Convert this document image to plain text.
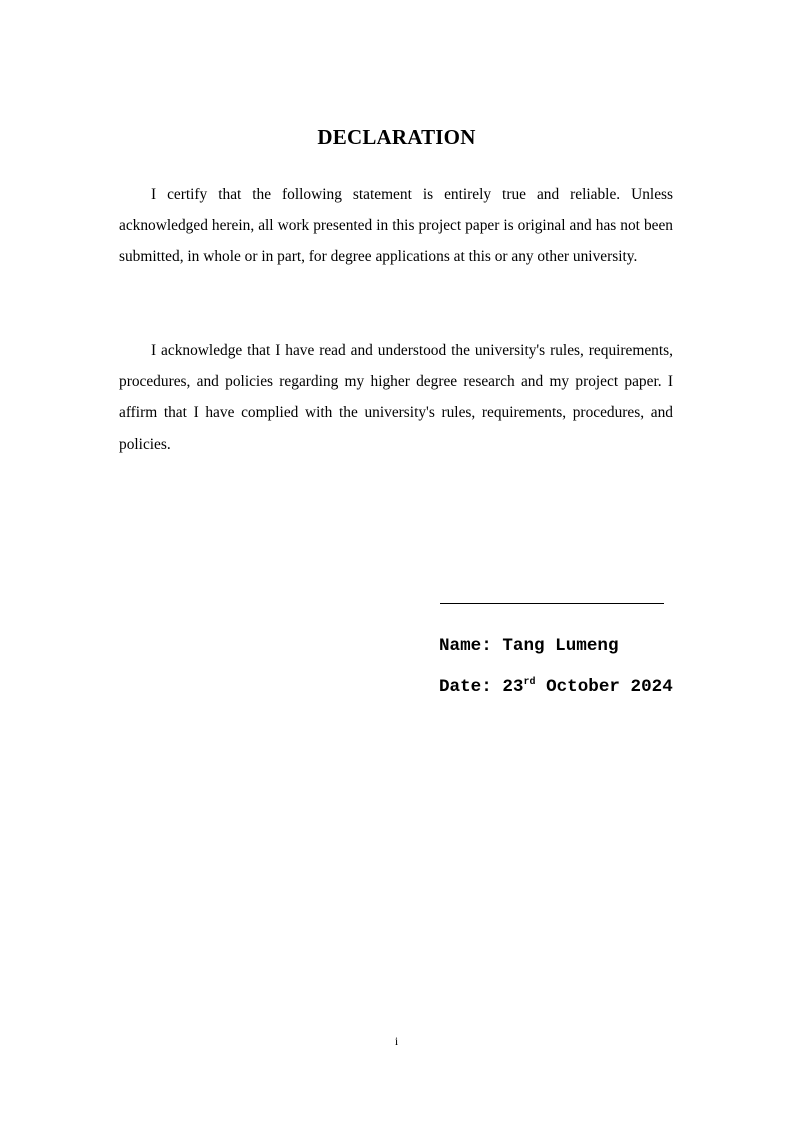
DECLARATION

I certify that the following statement is entirely true and reliable. Unless acknowledged herein, all work presented in this project paper is original and has not been submitted, in whole or in part, for degree applications at this or any other university.

I acknowledge that I have read and understood the university's rules, requirements, procedures, and policies regarding my higher degree research and my project paper. I affirm that I have complied with the university's rules, requirements, procedures, and policies.

Name: Tang Lumeng
Date: 23rd October 2024
i
